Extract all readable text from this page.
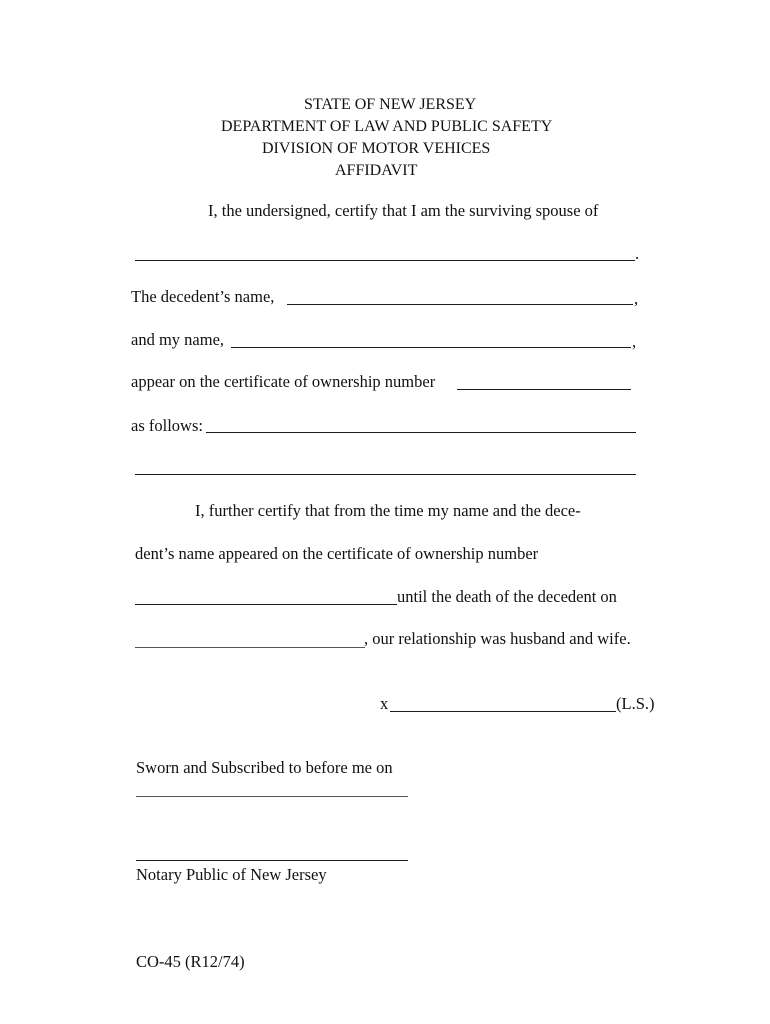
STATE OF NEW JERSEY
DEPARTMENT OF LAW AND PUBLIC SAFETY
DIVISION OF MOTOR VEHICES
AFFIDAVIT
I, the undersigned, certify that I am the surviving spouse of
.
The decedent’s name,	,
and my name,	,
appear on the certificate of ownership number
as follows:
I, further certify that from the time my name and the dece-
dent’s name appeared on the certificate of ownership number
until the death of the decedent on
, our relationship was husband and wife.
x	(L.S.)
Sworn and Subscribed to before me on
Notary Public of New Jersey
CO-45 (R12/74)
